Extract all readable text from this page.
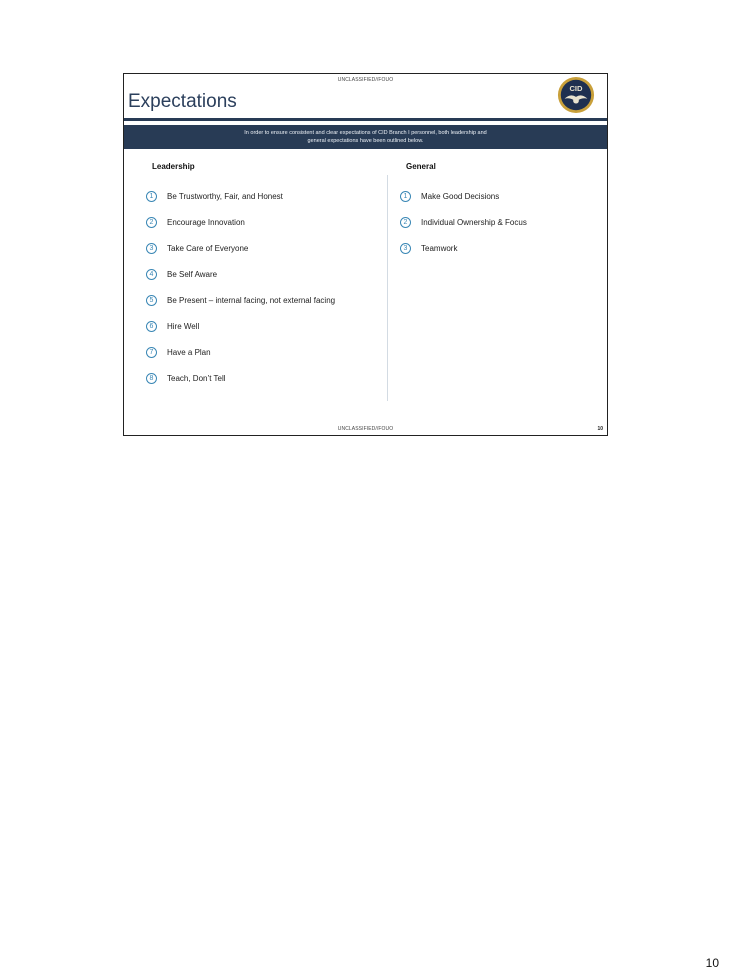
UNCLASSIFIED//FOUO
Expectations
CID
In order to ensure consistent and clear expectations of CID Branch I personnel, both leadership and
general expectations have been outlined below.
Leadership
1	Be Trustworthy, Fair, and Honest
2	Encourage Innovation
3	Take Care of Everyone
4	Be Self Aware
5	Be Present – internal facing, not external facing
6	Hire Well
7	Have a Plan
8	Teach, Don’t Tell
General
1	Make Good Decisions
2	Individual Ownership & Focus
3	Teamwork
UNCLASSIFIED//FOUO	10
10
